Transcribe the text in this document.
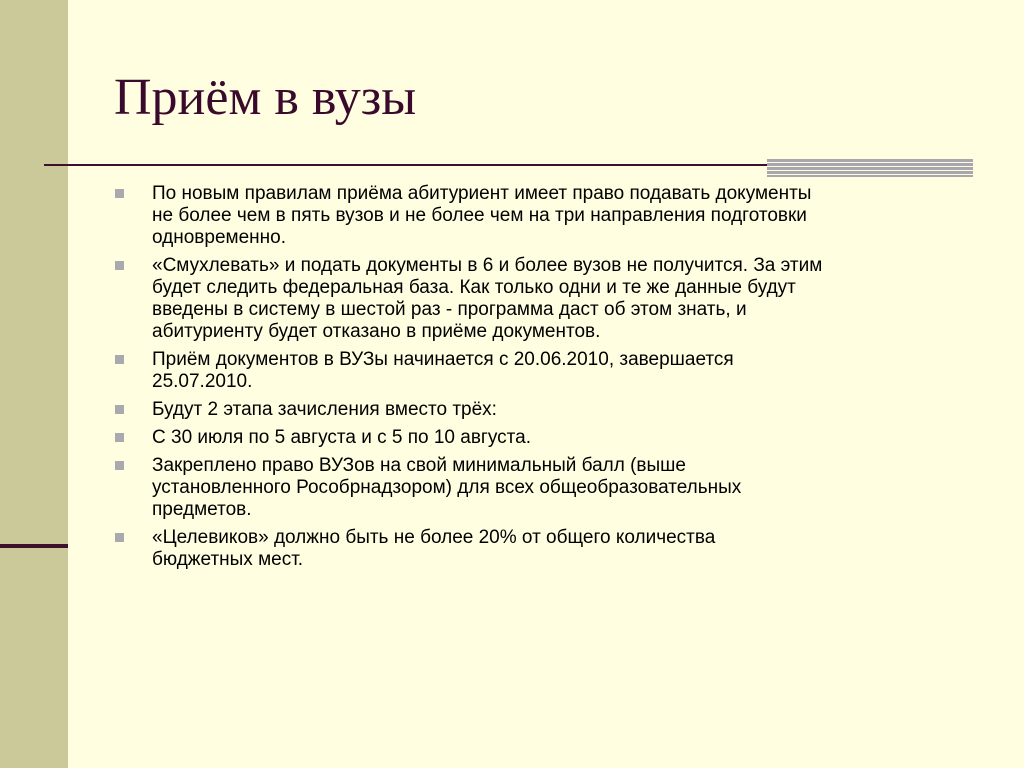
Приём в вузы
По новым правилам приёма абитуриент имеет право подавать документы
не более чем в пять вузов и не более чем на три направления подготовки
одновременно.
«Смухлевать» и подать документы в 6 и более вузов не получится. За этим
будет следить федеральная база. Как только одни и те же данные будут
введены в систему в шестой раз - программа даст об этом знать, и
абитуриенту будет отказано в приёме документов.
Приём документов в ВУЗы начинается с 20.06.2010, завершается
25.07.2010.
Будут 2 этапа зачисления вместо трёх:
С 30 июля по 5 августа и с 5 по 10 августа.
Закреплено право ВУЗов на свой минимальный балл (выше
установленного Рособрнадзором) для всех общеобразовательных
предметов.
«Целевиков» должно быть не более 20% от общего количества
бюджетных мест.
